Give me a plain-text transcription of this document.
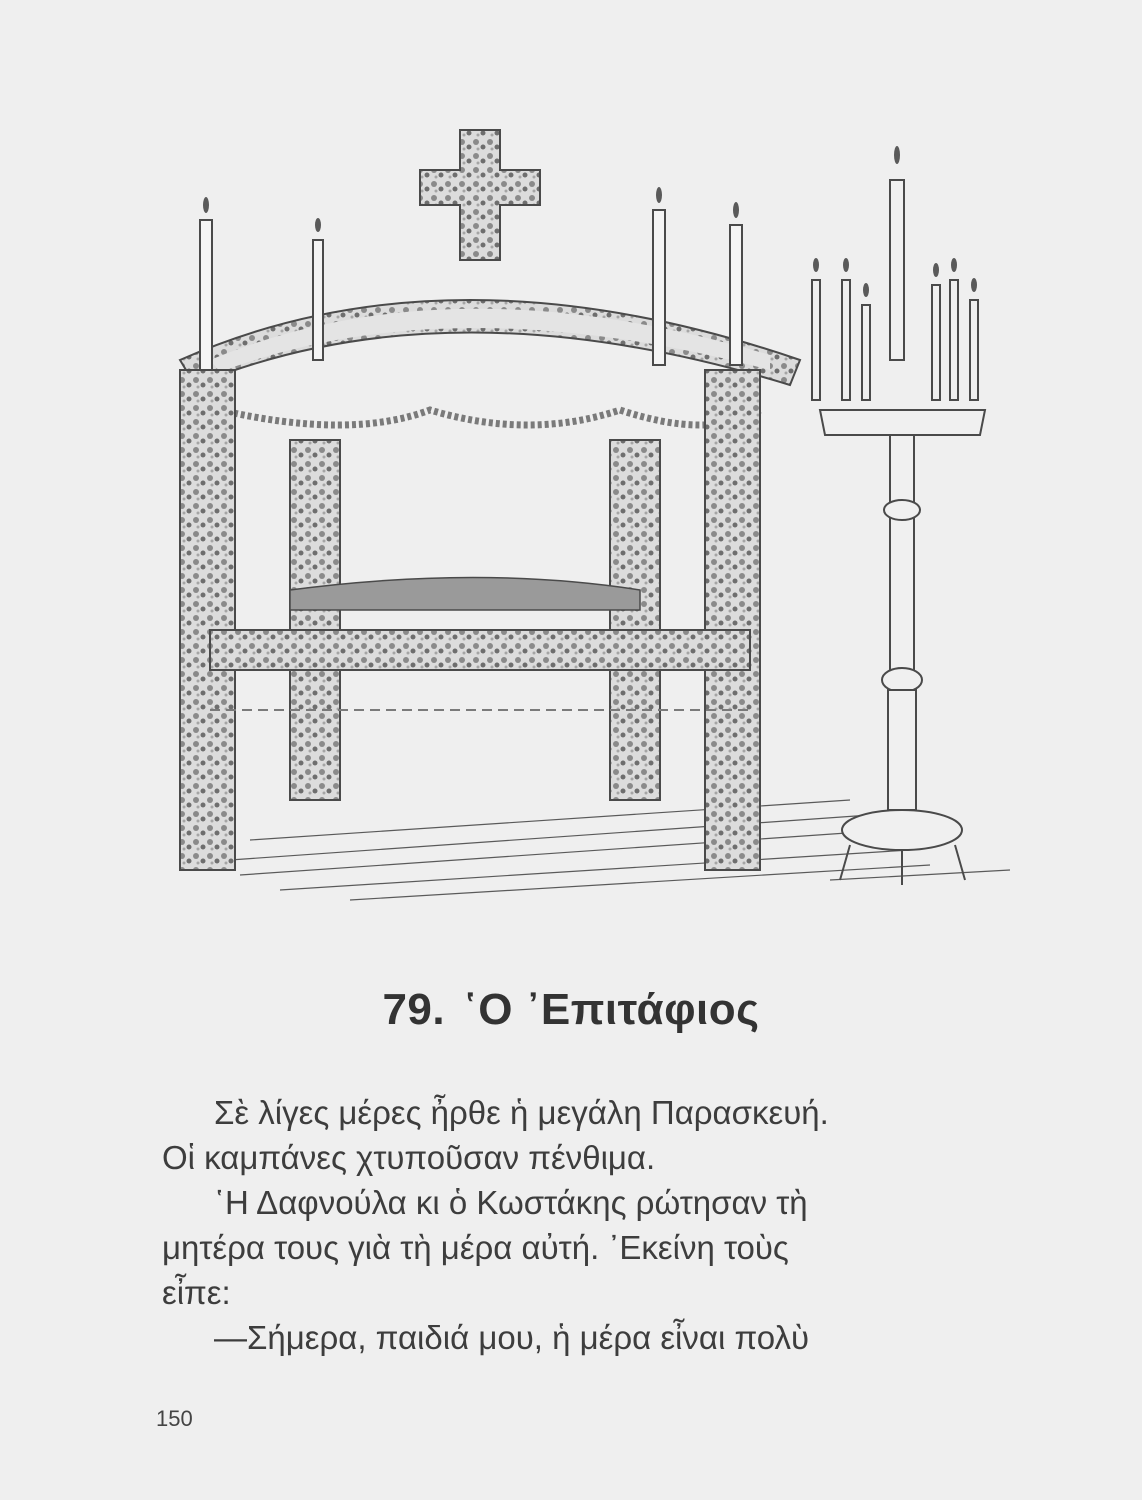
79. ῾Ο ᾿Επιτάφιος

Σὲ λίγες μέρες ἦρθε ἡ μεγάλη Παρασκευή.

Οἱ καμπάνες χτυποῦσαν πένθιμα.

῾Η Δαφνούλα κι ὁ Κωστάκης ρώτησαν τὴ

μητέρα τους γιὰ τὴ μέρα αὐτή. ᾿Εκείνη τοὺς

εἶπε:

—Σήμερα, παιδιά μου, ἡ μέρα εἶναι πολὺ

150
